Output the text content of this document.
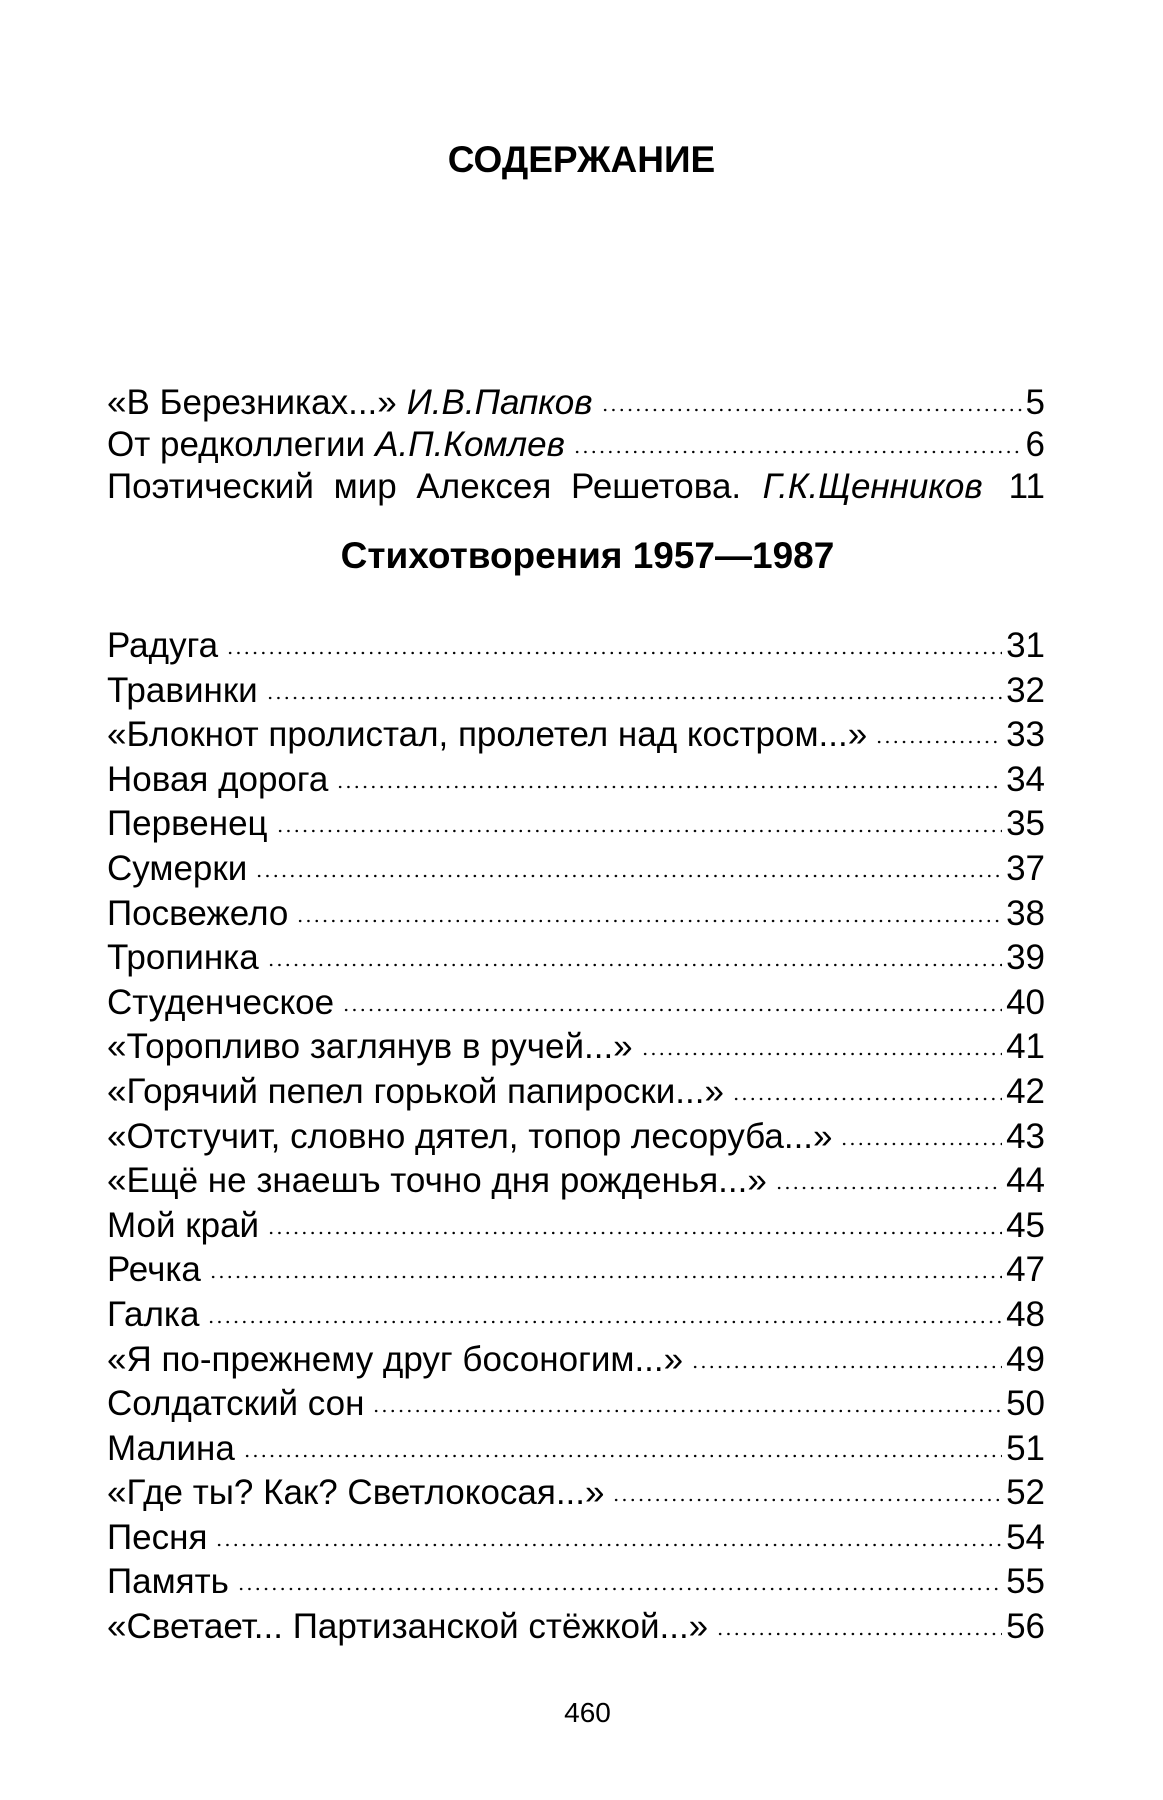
СОДЕРЖАНИЕ
«В Березниках...» И.В.Папков	5
От редколлегии А.П.Комлев	6
Поэтический мир Алексея Решетова. Г.К.Щенников 11
Стихотворения 1957—1987
Радуга	31
Травинки	32
«Блокнот пролистал, пролетел над костром...»	33
Новая дорога	34
Первенец	35
Сумерки	37
Посвежело	38
Тропинка	39
Студенческое	40
«Торопливо заглянув в ручей...»	41
«Горячий пепел горькой папироски...»	42
«Отстучит, словно дятел, топор лесоруба...»	43
«Ещё не знаешъ точно дня рожденья...»	44
Мой край	45
Речка	47
Галка	48
«Я по-прежнему друг босоногим...»	49
Солдатский сон	50
Малина	51
«Где ты? Как? Светлокосая...»	52
Песня	54
Память	55
«Светает... Партизанской стёжкой...»	56
460
